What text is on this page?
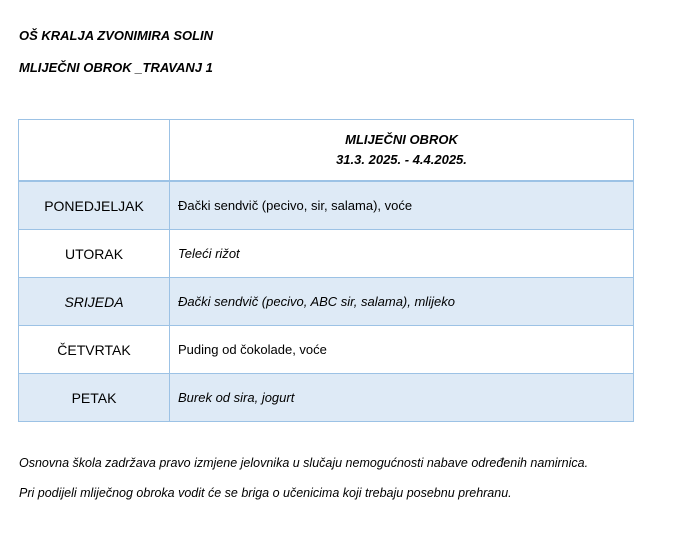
OŠ KRALJA ZVONIMIRA SOLIN
MLIJEČNI OBROK _TRAVANJ 1

	MLIJEČNI OBROK
31.3. 2025. - 4.4.2025.

PONEDJELJAK	Đački sendvič (pecivo, sir, salama), voće
UTORAK	Teleći rižot
SRIJEDA	Đački sendvič (pecivo, ABC sir, salama), mlijeko
ČETVRTAK	Puding od čokolade, voće
PETAK	Burek od sira, jogurt
Osnovna škola zadržava pravo izmjene jelovnika u slučaju nemogućnosti nabave određenih namirnica.
Pri podijeli mliječnog obroka vodit će se briga o učenicima koji trebaju posebnu prehranu.
